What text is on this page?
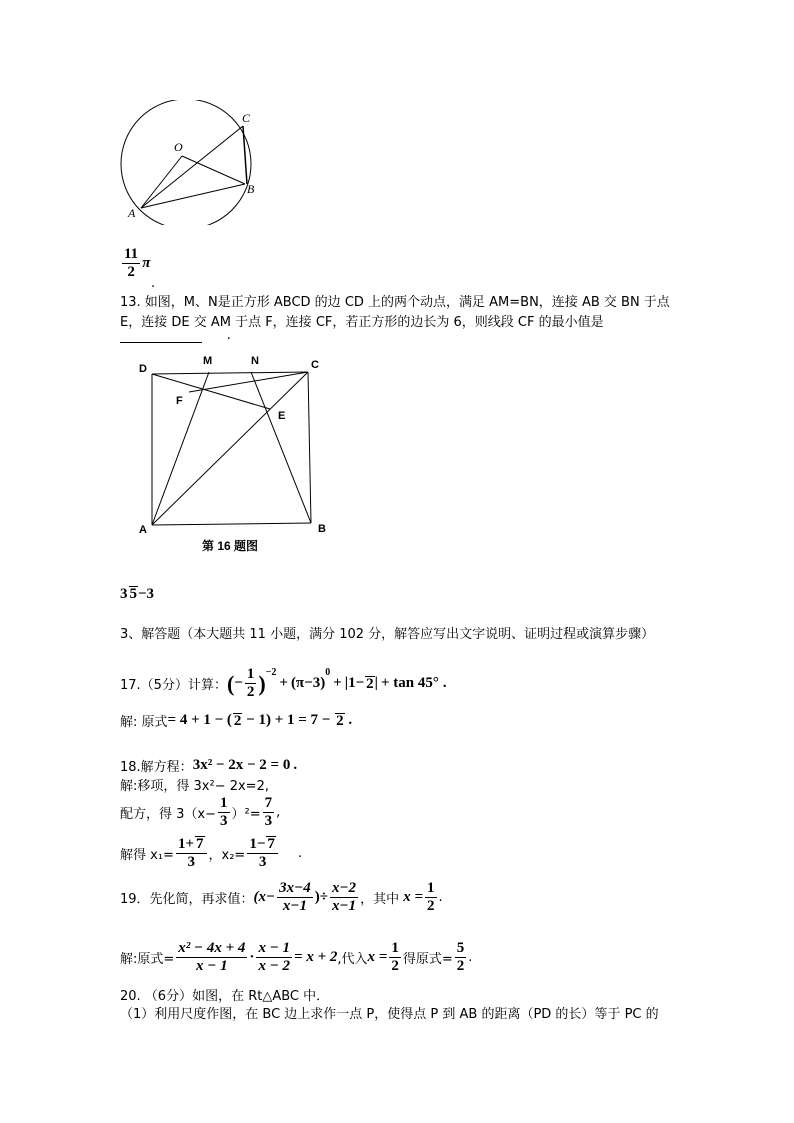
C
O
B
A
$\frac{11}{2}$ π
.
13. 如图，M、N是正方形 ABCD 的边 CD 上的两个动点，满足 AM=BN，连接 AB 交 BN 于点
E，连接 DE 交 AM 于点 F，连接 CF，若正方形的边长为 6，则线段 CF 的最小值是
.
D
M	N	C
F
E
A	B
第 16 题图
3 5−3
3、解答题（本大题共 11 小题，满分 102 分，解答应写出文字说明、证明过程或演算步骤）
17.（5分）计算： ( − $\frac{1}{2} )^{-2}$
+ (π−3)
$^0$
+ |1− 2 | + tan 45° .
解: 原式 = 4 + 1 − ( 2 − 1) + 1 = 7 − 2 .
18.解方程： 3x² − 2x − 2 = 0 .
解:移项，得 3x²− 2x=2,
配方，得 $3(x- \frac{1}{3} )^2= \frac{7}{3}$ ,
解得 $x_1= \frac{1+ 7}{3}$ ，$x_2= \frac{1- 7}{3}$ .
19．先化简，再求值： ($x- \frac{3x-4}{x-1}$ )÷ $\frac{x-2}{x-1}$ ，其中 $x = \frac{1}{2}$ .
解:原式= $\frac{\text{x² − 4x + 4}}{x - 1} \cdot \frac{x - 1}{x - 2} = x + 2$ ,代入 $x = \frac{1}{2}$ 得原式= $\frac{5}{2}$ .
20. （6分）如图，在 Rt△ABC 中．
（1）利用尺度作图，在 BC 边上求作一点 P，使得点 P 到 AB 的距离（PD 的长）等于 PC 的
